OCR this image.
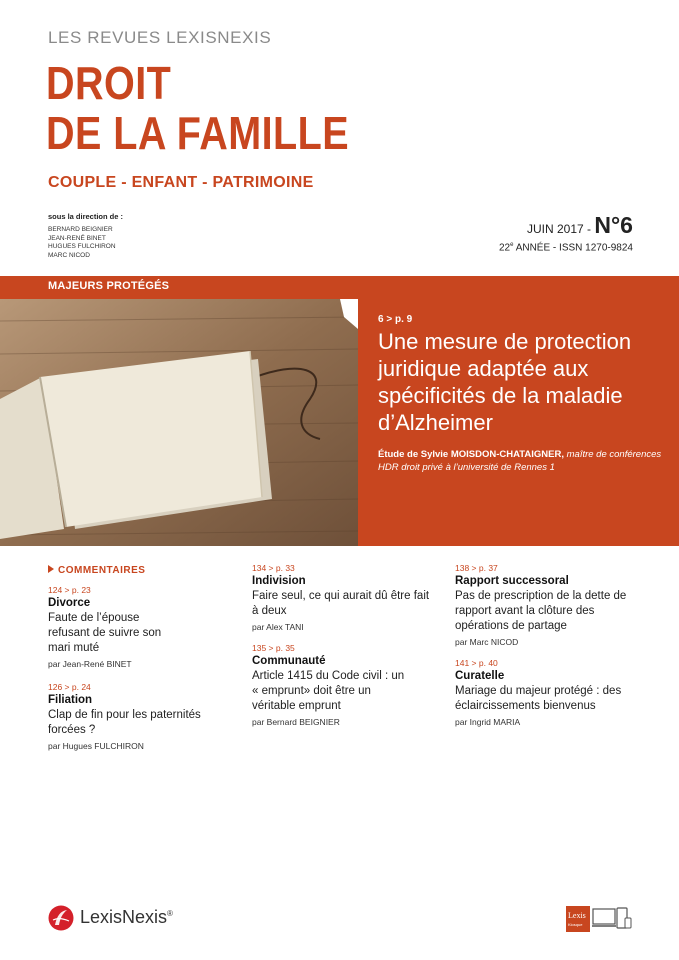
LES REVUES LEXISNEXIS
DROIT
DE LA FAMILLE
COUPLE - ENFANT - PATRIMOINE
sous la direction de :
BERNARD BEIGNIER
JEAN-RENÉ BINET
HUGUES FULCHIRON
MARC NICOD
JUIN 2017 - N°6
22e ANNÉE - ISSN 1270-9824
MAJEURS PROTÉGÉS
6 > p. 9
Une mesure de protection juridique adaptée aux spécificités de la maladie d’Alzheimer
Étude de Sylvie MOISDON-CHATAIGNER, maître de conférences HDR droit privé à l’université de Rennes 1
COMMENTAIRES
124 > p. 23
Divorce
Faute de l’épouse refusant de suivre son mari muté
par Jean-René BINET
126 > p. 24
Filiation
Clap de fin pour les paternités forcées ?
par Hugues FULCHIRON
134 > p. 33
Indivision
Faire seul, ce qui aurait dû être fait à deux
par Alex TANI
135 > p. 35
Communauté
Article 1415 du Code civil : un « emprunt» doit être un véritable emprunt
par Bernard BEIGNIER
138 > p. 37
Rapport successoral
Pas de prescription de la dette de rapport avant la clôture des opérations de partage
par Marc NICOD
141 > p. 40
Curatelle
Mariage du majeur protégé : des éclaircissements bienvenus
par Ingrid MARIA
LexisNexis®	Lexis
Kiosque
